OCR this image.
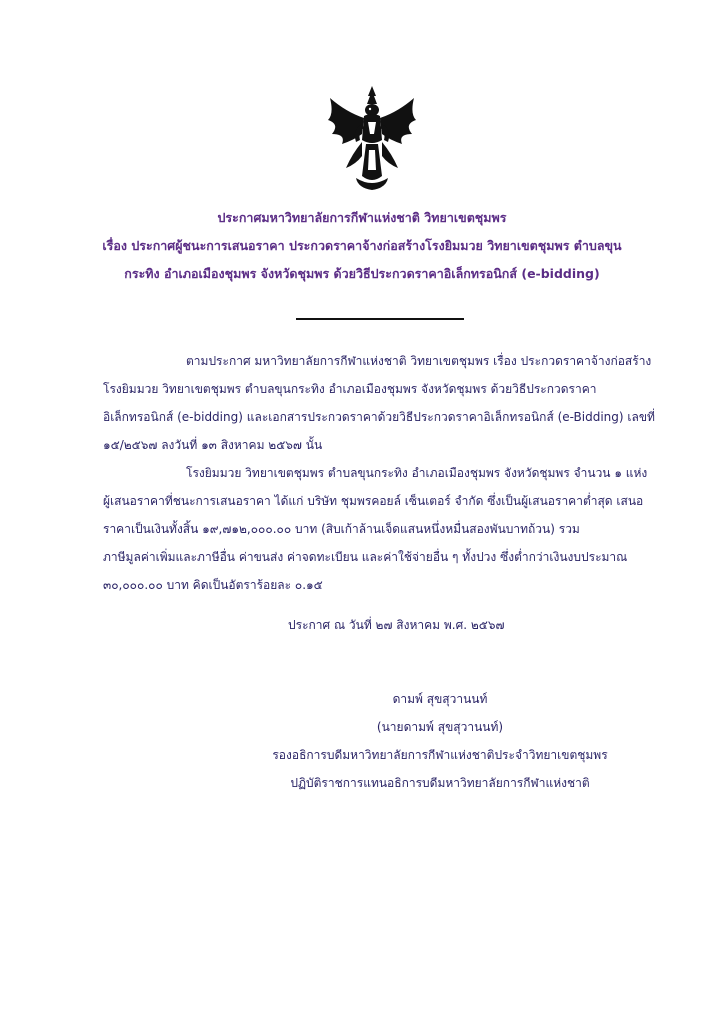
ประกาศมหาวิทยาลัยการกีฬาแห่งชาติ วิทยาเขตชุมพร
เรื่อง ประกาศผู้ชนะการเสนอราคา ประกวดราคาจ้างก่อสร้างโรงยิมมวย วิทยาเขตชุมพร ตำบลขุน
กระทิง อำเภอเมืองชุมพร จังหวัดชุมพร ด้วยวิธีประกวดราคาอิเล็กทรอนิกส์ (e-bidding)
ตามประกาศ มหาวิทยาลัยการกีฬาแห่งชาติ วิทยาเขตชุมพร เรื่อง ประกวดราคาจ้างก่อสร้าง
โรงยิมมวย วิทยาเขตชุมพร ตำบลขุนกระทิง อำเภอเมืองชุมพร จังหวัดชุมพร ด้วยวิธีประกวดราคา
อิเล็กทรอนิกส์ (e-bidding) และเอกสารประกวดราคาด้วยวิธีประกวดราคาอิเล็กทรอนิกส์ (e-Bidding) เลขที่
๑๕/๒๕๖๗ ลงวันที่ ๑๓ สิงหาคม ๒๕๖๗ นั้น
โรงยิมมวย วิทยาเขตชุมพร ตำบลขุนกระทิง อำเภอเมืองชุมพร จังหวัดชุมพร จำนวน ๑ แห่ง
ผู้เสนอราคาที่ชนะการเสนอราคา ได้แก่ บริษัท ชุมพรคอยล์ เซ็นเตอร์ จำกัด ซึ่งเป็นผู้เสนอราคาต่ำสุด เสนอ
ราคาเป็นเงินทั้งสิ้น ๑๙,๗๑๒,๐๐๐.๐๐ บาท (สิบเก้าล้านเจ็ดแสนหนึ่งหมื่นสองพันบาทถ้วน) รวม
ภาษีมูลค่าเพิ่มและภาษีอื่น ค่าขนส่ง ค่าจดทะเบียน และค่าใช้จ่ายอื่น ๆ ทั้งปวง ซึ่งต่ำกว่าเงินงบประมาณ
๓๐,๐๐๐.๐๐ บาท คิดเป็นอัตราร้อยละ ๐.๑๕
ประกาศ ณ วันที่ ๒๗ สิงหาคม พ.ศ. ๒๕๖๗
ดามพ์ สุขสุวานนท์
(นายดามพ์ สุขสุวานนท์)
รองอธิการบดีมหาวิทยาลัยการกีฬาแห่งชาติประจำวิทยาเขตชุมพร
ปฏิบัติราชการแทนอธิการบดีมหาวิทยาลัยการกีฬาแห่งชาติ
